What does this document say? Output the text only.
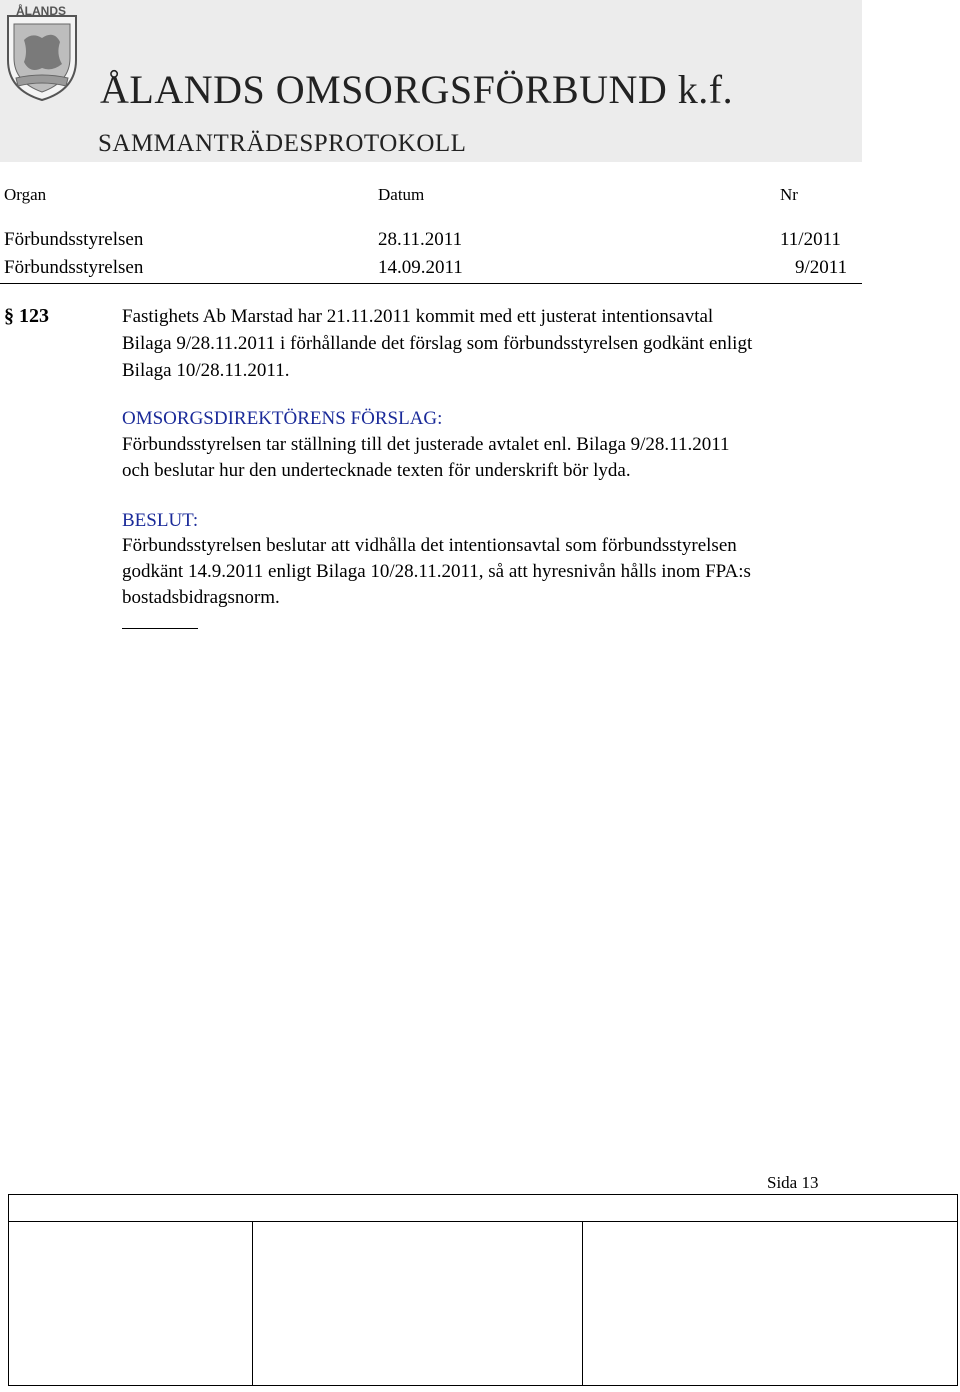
ÅLANDS
ÅLANDS OMSORGSFÖRBUND k.f.
SAMMANTRÄDESPROTOKOLL
Organ	Datum	Nr
Förbundsstyrelsen	28.11.2011	11/2011
Förbundsstyrelsen	14.09.2011	9/2011
§ 123	Fastighets Ab Marstad har 21.11.2011 kommit med ett justerat intentionsavtal
Bilaga 9/28.11.2011 i förhållande det förslag som förbundsstyrelsen godkänt enligt
Bilaga 10/28.11.2011.
OMSORGSDIREKTÖRENS FÖRSLAG:
Förbundsstyrelsen tar ställning till det justerade avtalet enl. Bilaga 9/28.11.2011
och beslutar hur den undertecknade texten för underskrift bör lyda.
BESLUT:
Förbundsstyrelsen beslutar att vidhålla det intentionsavtal som förbundsstyrelsen
godkänt 14.9.2011 enligt Bilaga 10/28.11.2011, så att hyresnivån hålls inom FPA:s
bostadsbidragsnorm.
Sida 13
